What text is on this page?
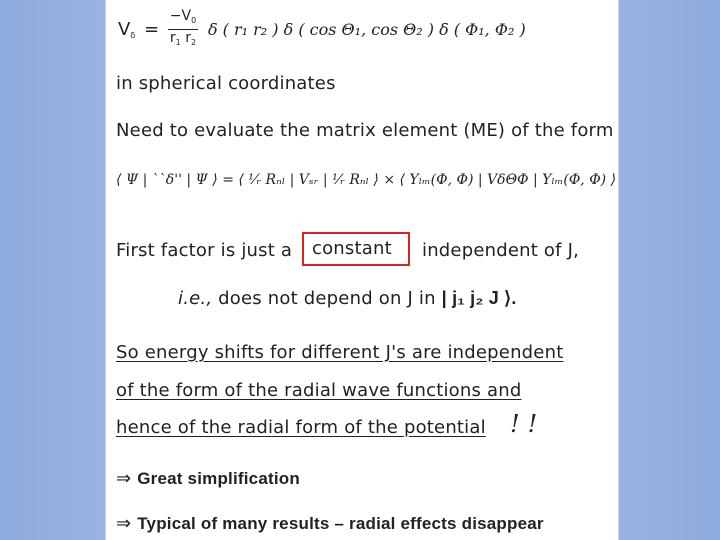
$V_\delta = \frac{-V_0}{r_1 r_2}$ δ ( r₁ r₂ ) δ ( cos Θ₁, cos Θ₂ ) δ ( Φ₁, Φ₂ )
in spherical coordinates
Need to evaluate the matrix element (ME) of the form
⟨ Ψ | ``δ'' | Ψ ⟩ = ⟨ ¹⁄ᵣ Rₙₗ | Vₛᵣ | ¹⁄ᵣ Rₙₗ ⟩ × ⟨ Yₗₘ(Φ, Φ) | VδΘΦ | Yₗₘ(Φ, Φ) ⟩
First factor is just a constant independent of J,
i.e., does not depend on J in | j₁ j₂ J ⟩.
So energy shifts for different J's are independent
of the form of the radial wave functions and
hence of the radial form of the potential ! !
⇒ Great simplification
⇒ Typical of many results – radial effects disappear
